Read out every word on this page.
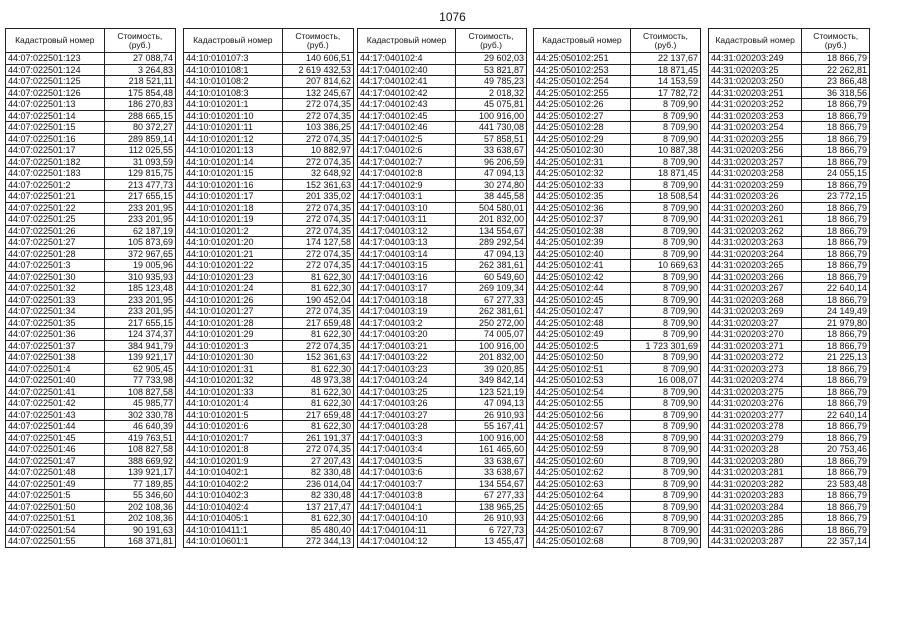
1076
Кадастровый номер	Стоимость, (руб.)
44:07:022501:123	27 088,74
44:07:022501:124	3 264,83
44:07:022501:125	218 521,11
44:07:022501:126	175 854,48
44:07:022501:13	186 270,83
44:07:022501:14	288 665,15
44:07:022501:15	80 372,27
44:07:022501:16	289 859,14
44:07:022501:17	112 025,55
44:07:022501:182	31 093,59
44:07:022501:183	129 815,75
44:07:022501:2	213 477,73
44:07:022501:21	217 655,15
44:07:022501:22	233 201,95
44:07:022501:25	233 201,95
44:07:022501:26	62 187,19
44:07:022501:27	105 873,69
44:07:022501:28	372 967,65
44:07:022501:3	19 005,96
44:07:022501:30	310 935,93
44:07:022501:32	185 123,48
44:07:022501:33	233 201,95
44:07:022501:34	233 201,95
44:07:022501:35	217 655,15
44:07:022501:36	124 374,37
44:07:022501:37	384 941,79
44:07:022501:38	139 921,17
44:07:022501:4	62 905,45
44:07:022501:40	77 733,98
44:07:022501:41	108 827,58
44:07:022501:42	45 985,77
44:07:022501:43	302 330,78
44:07:022501:44	46 640,39
44:07:022501:45	419 763,51
44:07:022501:46	108 827,58
44:07:022501:47	388 669,92
44:07:022501:48	139 921,17
44:07:022501:49	77 189,85
44:07:022501:5	55 346,60
44:07:022501:50	202 108,36
44:07:022501:51	202 108,36
44:07:022501:54	90 191,63
44:07:022501:55	168 371,81
Кадастровый номер	Стоимость, (руб.)
44:10:010107:3	140 606,51
44:10:010108:1	2 619 432,53
44:10:010108:2	207 814,62
44:10:010108:3	132 245,67
44:10:010201:1	272 074,35
44:10:010201:10	272 074,35
44:10:010201:11	103 386,25
44:10:010201:12	272 074,35
44:10:010201:13	10 882,97
44:10:010201:14	272 074,35
44:10:010201:15	32 648,92
44:10:010201:16	152 361,63
44:10:010201:17	201 335,02
44:10:010201:18	272 074,35
44:10:010201:19	272 074,35
44:10:010201:2	272 074,35
44:10:010201:20	174 127,58
44:10:010201:21	272 074,35
44:10:010201:22	272 074,35
44:10:010201:23	81 622,30
44:10:010201:24	81 622,30
44:10:010201:26	190 452,04
44:10:010201:27	272 074,35
44:10:010201:28	217 659,48
44:10:010201:29	81 622,30
44:10:010201:3	272 074,35
44:10:010201:30	152 361,63
44:10:010201:31	81 622,30
44:10:010201:32	48 973,38
44:10:010201:33	81 622,30
44:10:010201:4	81 622,30
44:10:010201:5	217 659,48
44:10:010201:6	81 622,30
44:10:010201:7	261 191,37
44:10:010201:8	272 074,35
44:10:010201:9	27 207,43
44:10:010402:1	82 330,48
44:10:010402:2	236 014,04
44:10:010402:3	82 330,48
44:10:010402:4	137 217,47
44:10:010405:1	81 622,30
44:10:010411:1	85 480,40
44:10:010601:1	272 344,13
Кадастровый номер	Стоимость, (руб.)
44:17:040102:4	29 602,03
44:17:040102:40	53 821,87
44:17:040102:41	49 785,23
44:17:040102:42	2 018,32
44:17:040102:43	45 075,81
44:17:040102:45	100 916,00
44:17:040102:46	441 730,08
44:17:040102:5	57 858,51
44:17:040102:6	33 638,67
44:17:040102:7	96 206,59
44:17:040102:8	47 094,13
44:17:040102:9	30 274,80
44:17:040103:1	38 445,58
44:17:040103:10	504 580,01
44:17:040103:11	201 832,00
44:17:040103:12	134 554,67
44:17:040103:13	289 292,54
44:17:040103:14	47 094,13
44:17:040103:15	262 381,61
44:17:040103:16	60 549,60
44:17:040103:17	269 109,34
44:17:040103:18	67 277,33
44:17:040103:19	262 381,61
44:17:040103:2	250 272,00
44:17:040103:20	74 005,07
44:17:040103:21	100 916,00
44:17:040103:22	201 832,00
44:17:040103:23	39 020,85
44:17:040103:24	349 842,14
44:17:040103:25	123 521,19
44:17:040103:26	47 094,13
44:17:040103:27	26 910,93
44:17:040103:28	55 167,41
44:17:040103:3	100 916,00
44:17:040103:4	161 465,60
44:17:040103:5	33 638,67
44:17:040103:6	33 638,67
44:17:040103:7	134 554,67
44:17:040103:8	67 277,33
44:17:040104:1	138 965,25
44:17:040104:10	26 910,93
44:17:040104:11	6 727,73
44:17:040104:12	13 455,47
Кадастровый номер	Стоимость, (руб.)
44:25:050102:251	22 137,67
44:25:050102:253	18 871,45
44:25:050102:254	14 153,59
44:25:050102:255	17 782,72
44:25:050102:26	8 709,90
44:25:050102:27	8 709,90
44:25:050102:28	8 709,90
44:25:050102:29	8 709,90
44:25:050102:30	10 887,38
44:25:050102:31	8 709,90
44:25:050102:32	18 871,45
44:25:050102:33	8 709,90
44:25:050102:35	18 508,54
44:25:050102:36	8 709,90
44:25:050102:37	8 709,90
44:25:050102:38	8 709,90
44:25:050102:39	8 709,90
44:25:050102:40	8 709,90
44:25:050102:41	10 669,63
44:25:050102:42	8 709,90
44:25:050102:44	8 709,90
44:25:050102:45	8 709,90
44:25:050102:47	8 709,90
44:25:050102:48	8 709,90
44:25:050102:49	8 709,90
44:25:050102:5	1 723 301,69
44:25:050102:50	8 709,90
44:25:050102:51	8 709,90
44:25:050102:53	16 008,07
44:25:050102:54	8 709,90
44:25:050102:55	8 709,90
44:25:050102:56	8 709,90
44:25:050102:57	8 709,90
44:25:050102:58	8 709,90
44:25:050102:59	8 709,90
44:25:050102:60	8 709,90
44:25:050102:62	8 709,90
44:25:050102:63	8 709,90
44:25:050102:64	8 709,90
44:25:050102:65	8 709,90
44:25:050102:66	8 709,90
44:25:050102:67	8 709,90
44:25:050102:68	8 709,90
Кадастровый номер	Стоимость, (руб.)
44:31:020203:249	18 866,79
44:31:020203:25	22 262,81
44:31:020203:250	23 866,48
44:31:020203:251	36 318,56
44:31:020203:252	18 866,79
44:31:020203:253	18 866,79
44:31:020203:254	18 866,79
44:31:020203:255	18 866,79
44:31:020203:256	18 866,79
44:31:020203:257	18 866,79
44:31:020203:258	24 055,15
44:31:020203:259	18 866,79
44:31:020203:26	23 772,15
44:31:020203:260	18 866,79
44:31:020203:261	18 866,79
44:31:020203:262	18 866,79
44:31:020203:263	18 866,79
44:31:020203:264	18 866,79
44:31:020203:265	18 866,79
44:31:020203:266	18 866,79
44:31:020203:267	22 640,14
44:31:020203:268	18 866,79
44:31:020203:269	24 149,49
44:31:020203:27	21 979,80
44:31:020203:270	18 866,79
44:31:020203:271	18 866,79
44:31:020203:272	21 225,13
44:31:020203:273	18 866,79
44:31:020203:274	18 866,79
44:31:020203:275	18 866,79
44:31:020203:276	18 866,79
44:31:020203:277	22 640,14
44:31:020203:278	18 866,79
44:31:020203:279	18 866,79
44:31:020203:28	20 753,46
44:31:020203:280	18 866,79
44:31:020203:281	18 866,79
44:31:020203:282	23 583,48
44:31:020203:283	18 866,79
44:31:020203:284	18 866,79
44:31:020203:285	18 866,79
44:31:020203:286	18 866,79
44:31:020203:287	22 357,14
